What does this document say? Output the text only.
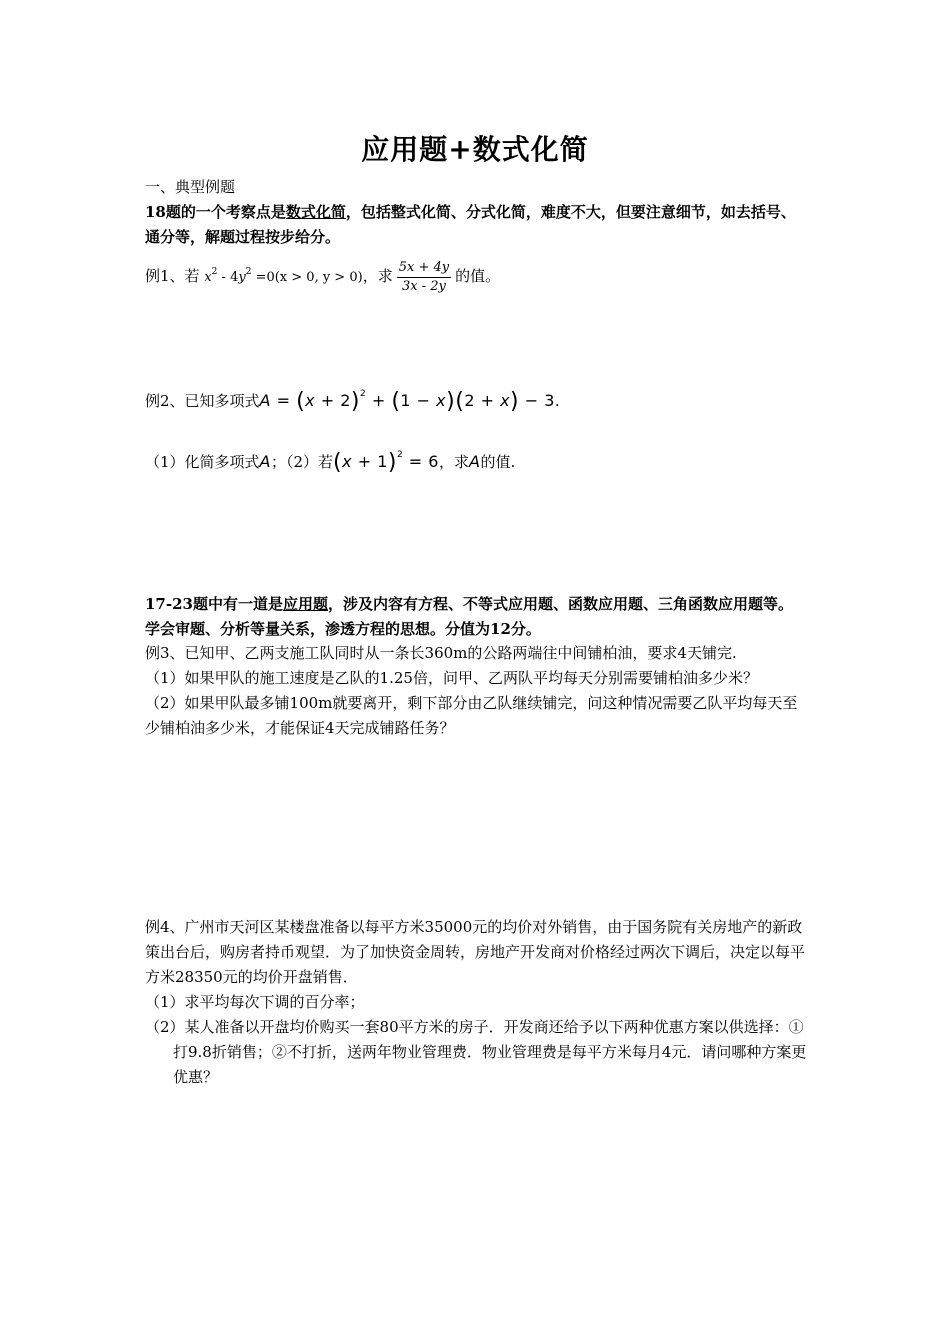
应用题+数式化简
一、典型例题
18题的一个考察点是数式化简，包括整式化简、分式化简，难度不大，但要注意细节，如去括号、通分等，解题过程按步给分。
例1、若 $x^2 - 4y^2 =0(x > 0$, y > 0)，求 $\frac{5x + 4y}{3x - 2y}$ 的值。
例2、已知多项式$A = (x + 2)^2 + (1 - x)(2 + x) - 3$.
（1）化简多项式A；（2）若$(x + 1)^2 = 6$，求A的值.
17-23题中有一道是应用题，涉及内容有方程、不等式应用题、函数应用题、三角函数应用题等。学会审题、分析等量关系，渗透方程的思想。分值为12分。
例3、已知甲、乙两支施工队同时从一条长360m的公路两端往中间铺柏油，要求4天铺完.
（1）如果甲队的施工速度是乙队的1.25倍，问甲、乙两队平均每天分别需要铺柏油多少米？
（2）如果甲队最多铺100m就要离开，剩下部分由乙队继续铺完，问这种情况需要乙队平均每天至少铺柏油多少米，才能保证4天完成铺路任务？
例4、广州市天河区某楼盘准备以每平方米35000元的均价对外销售，由于国务院有关房地产的新政策出台后，购房者持币观望．为了加快资金周转，房地产开发商对价格经过两次下调后，决定以每平方米28350元的均价开盘销售．
（1）求平均每次下调的百分率；
（2）某人准备以开盘均价购买一套80平方米的房子．开发商还给予以下两种优惠方案以供选择：①打9.8折销售；②不打折，送两年物业管理费．物业管理费是每平方米每月4元．请问哪种方案更优惠？
